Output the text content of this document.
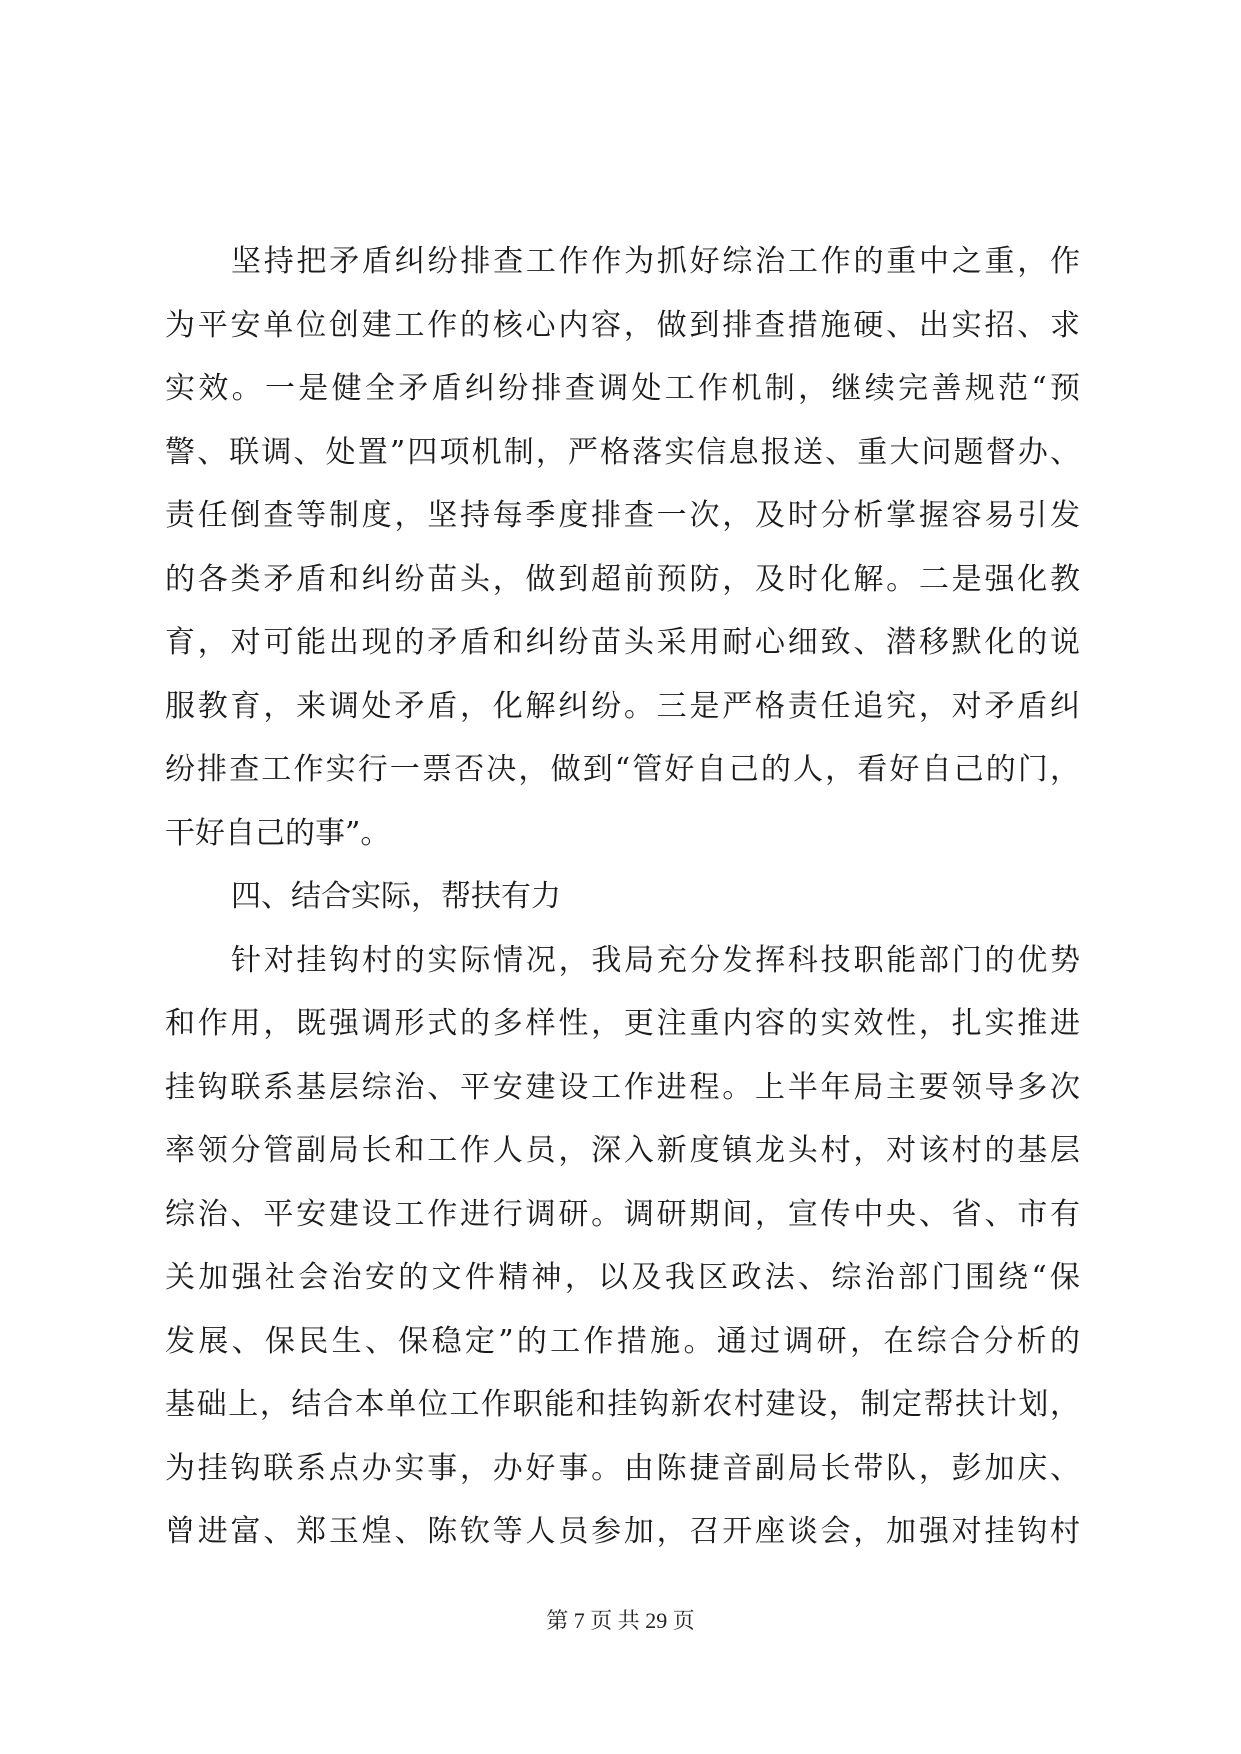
坚持把矛盾纠纷排查工作作为抓好综治工作的重中之重，作
为平安单位创建工作的核心内容，做到排查措施硬、出实招、求
实效。一是健全矛盾纠纷排查调处工作机制，继续完善规范“预
警、联调、处置”四项机制，严格落实信息报送、重大问题督办、
责任倒查等制度，坚持每季度排查一次，及时分析掌握容易引发
的各类矛盾和纠纷苗头，做到超前预防，及时化解。二是强化教
育，对可能出现的矛盾和纠纷苗头采用耐心细致、潜移默化的说
服教育，来调处矛盾，化解纠纷。三是严格责任追究，对矛盾纠
纷排查工作实行一票否决，做到“管好自己的人，看好自己的门，
干好自己的事”。
四、结合实际，帮扶有力
针对挂钩村的实际情况，我局充分发挥科技职能部门的优势
和作用，既强调形式的多样性，更注重内容的实效性，扎实推进
挂钩联系基层综治、平安建设工作进程。上半年局主要领导多次
率领分管副局长和工作人员，深入新度镇龙头村，对该村的基层
综治、平安建设工作进行调研。调研期间，宣传中央、省、市有
关加强社会治安的文件精神，以及我区政法、综治部门围绕“保
发展、保民生、保稳定”的工作措施。通过调研，在综合分析的
基础上，结合本单位工作职能和挂钩新农村建设，制定帮扶计划，
为挂钩联系点办实事，办好事。由陈捷音副局长带队，彭加庆、
曾进富、郑玉煌、陈钦等人员参加，召开座谈会，加强对挂钩村
第 7 页 共 29 页
